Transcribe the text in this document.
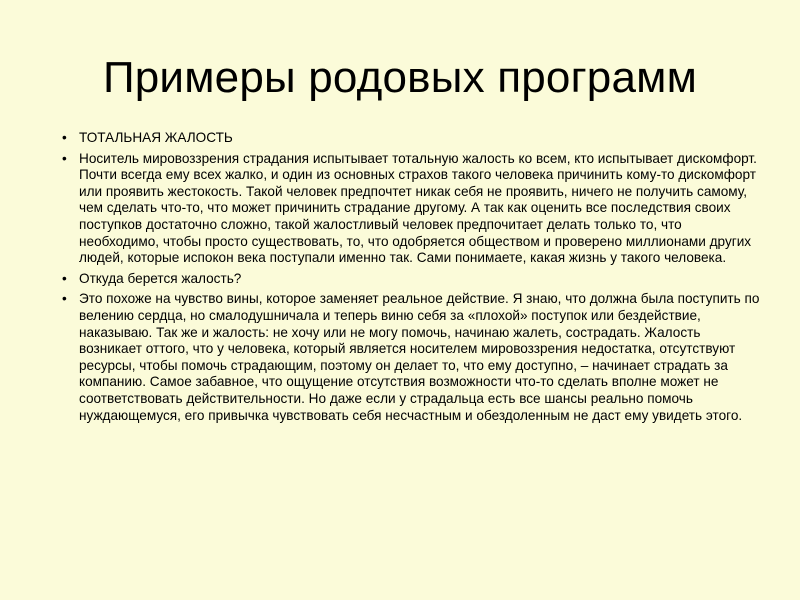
Примеры родовых программ
• ТОТАЛЬНАЯ ЖАЛОСТЬ
• Носитель мировоззрения страдания испытывает тотальную жалость ко всем, кто испытывает дискомфорт. Почти всегда ему всех жалко, и один из основных страхов такого человека причинить кому-то дискомфорт или проявить жестокость. Такой человек предпочтет никак себя не проявить, ничего не получить самому, чем сделать что-то, что может причинить страдание другому. А так как оценить все последствия своих поступков достаточно сложно, такой жалостливый человек предпочитает делать только то, что необходимо, чтобы просто существовать, то, что одобряется обществом и проверено миллионами других людей, которые испокон века поступали именно так. Сами понимаете, какая жизнь у такого человека.
• Откуда берется жалость?
• Это похоже на чувство вины, которое заменяет реальное действие. Я знаю, что должна была поступить по велению сердца, но смалодушничала и теперь виню себя за «плохой» поступок или бездействие, наказываю. Так же и жалость: не хочу или не могу помочь, начинаю жалеть, сострадать. Жалость возникает оттого, что у человека, который является носителем мировоззрения недостатка, отсутствуют ресурсы, чтобы помочь страдающим, поэтому он делает то, что ему доступно, – начинает страдать за компанию. Самое забавное, что ощущение отсутствия возможности что-то сделать вполне может не соответствовать действительности. Но даже если у страдальца есть все шансы реально помочь нуждающемуся, его привычка чувствовать себя несчастным и обездоленным не даст ему увидеть этого.
